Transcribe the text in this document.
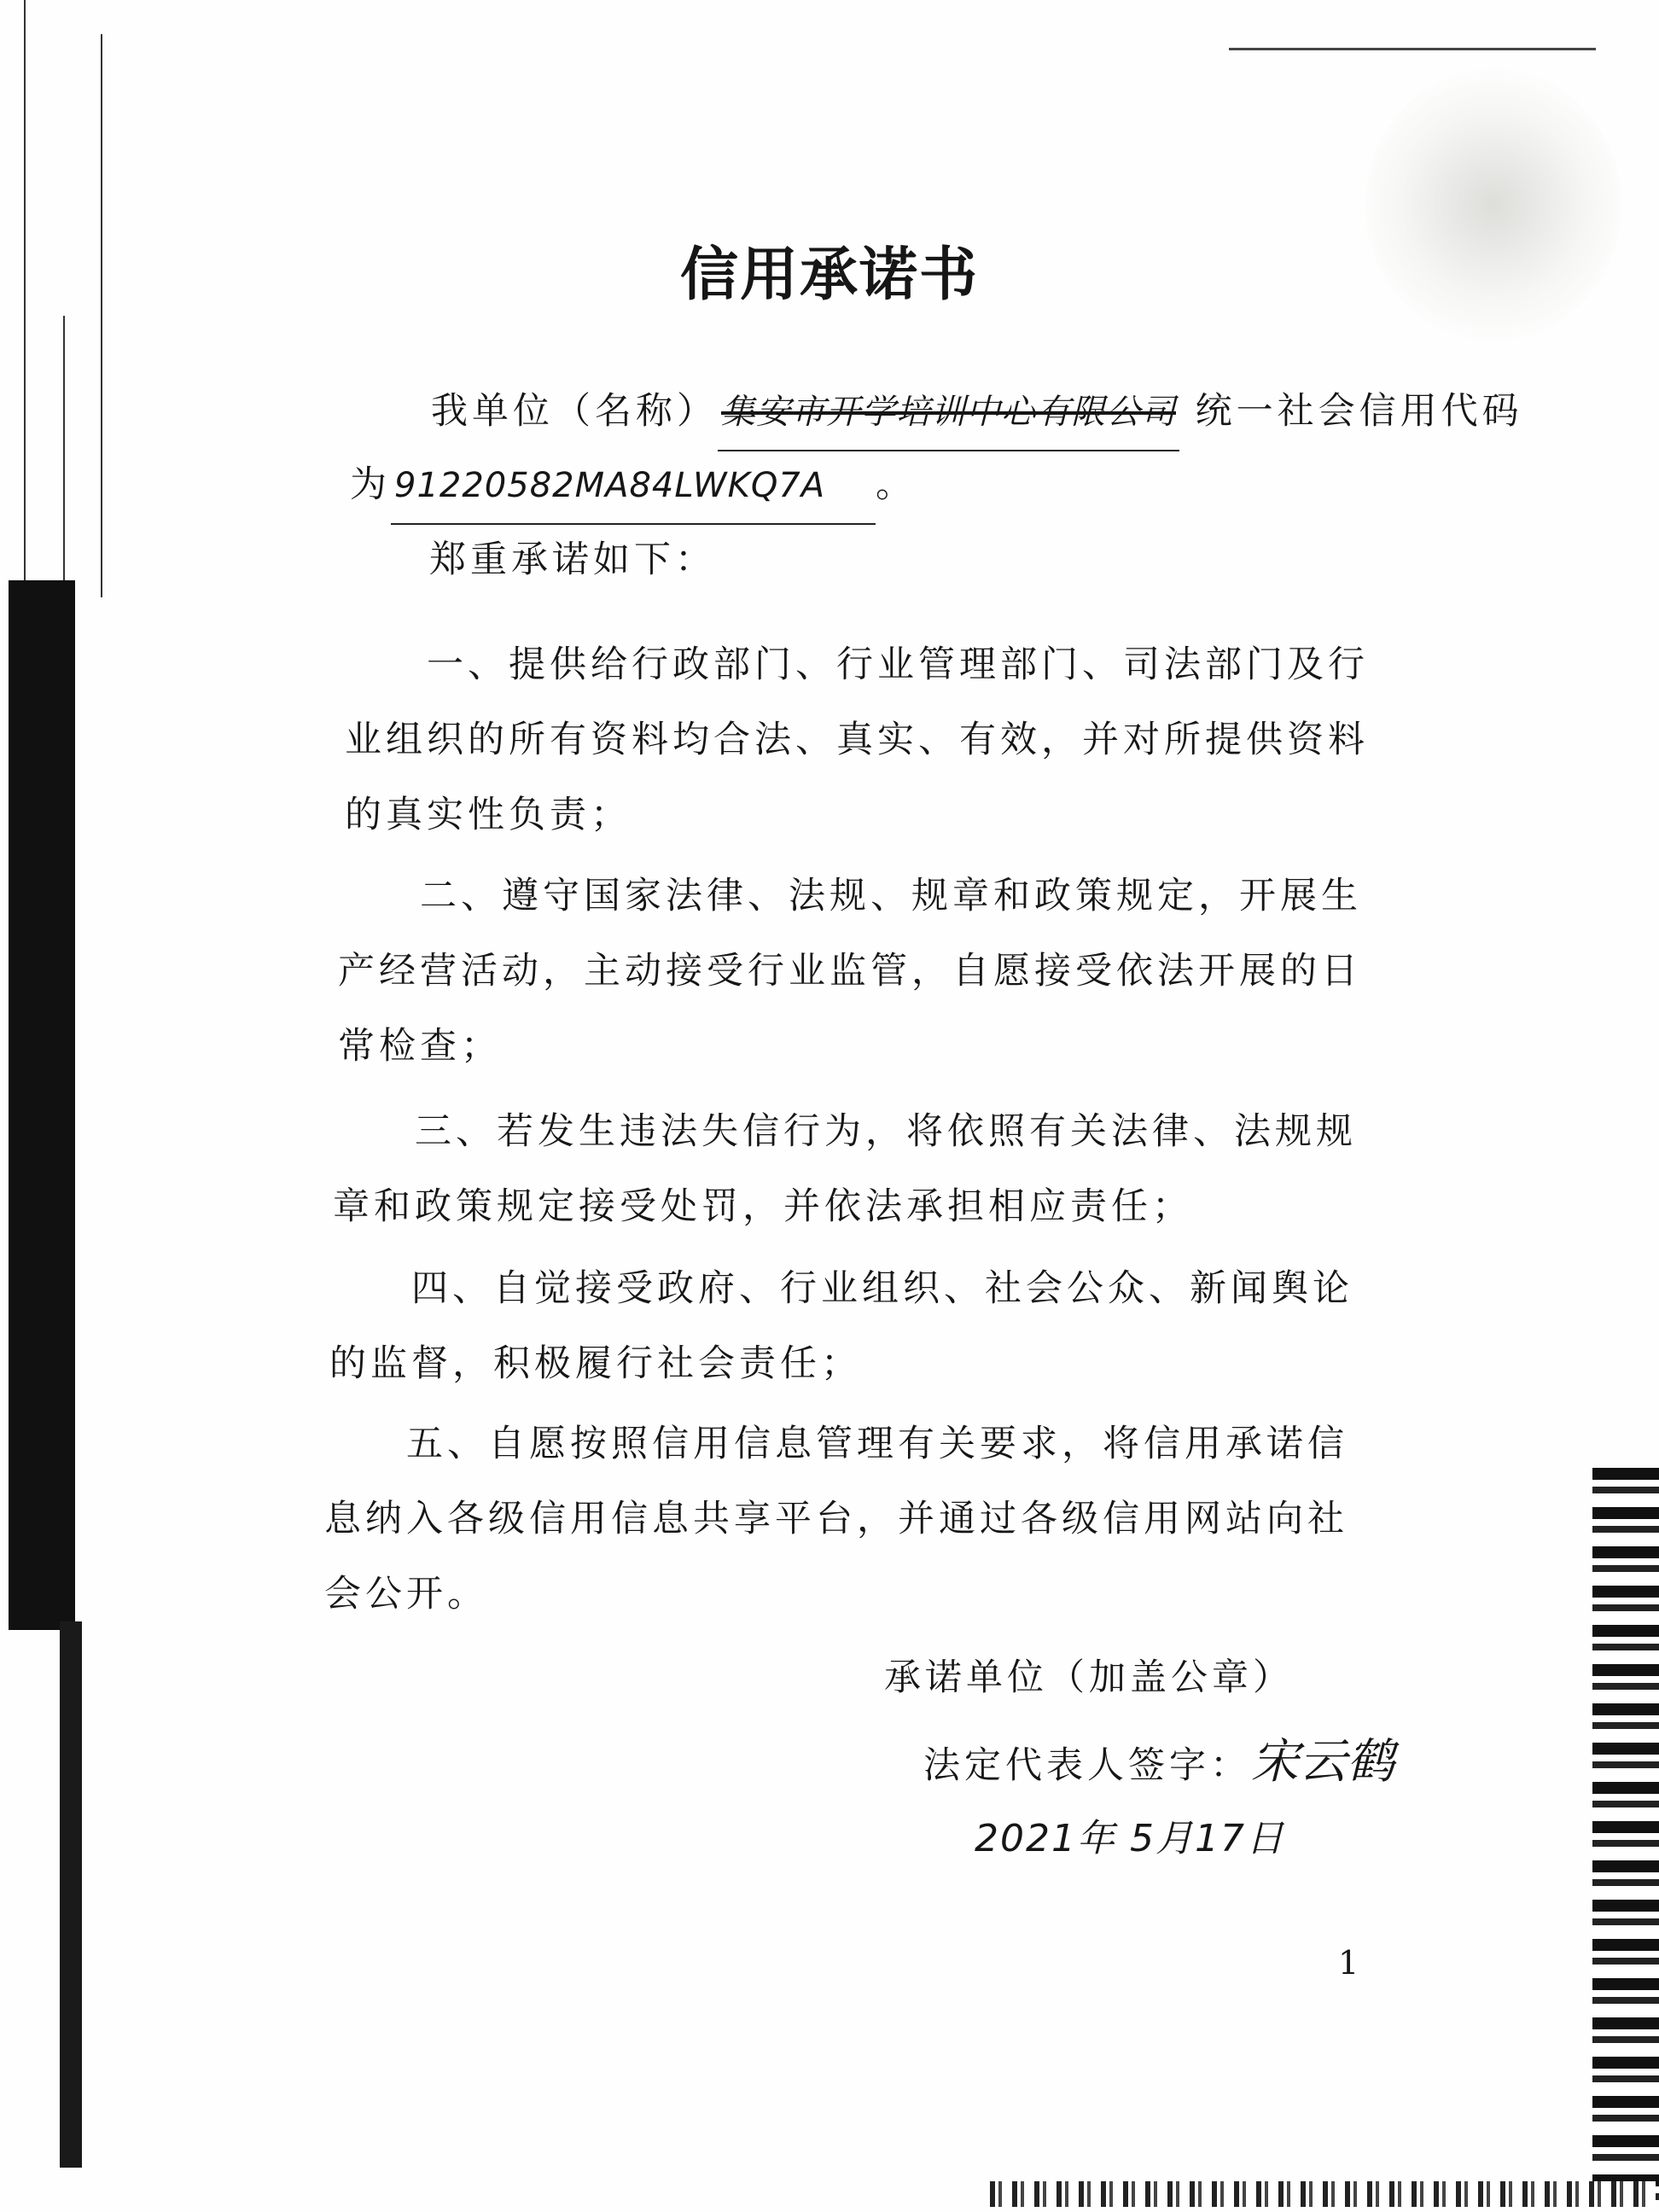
信用承诺书
我单位（名称） 集安市开学培训中心有限公司 统一社会信用代码
为 91220582MA84LWKQ7A 。
郑重承诺如下：
一、提供给行政部门、行业管理部门、司法部门及行业组织的所有资料均合法、真实、有效，并对所提供资料的真实性负责；
二、遵守国家法律、法规、规章和政策规定，开展生产经营活动，主动接受行业监管，自愿接受依法开展的日常检查；
三、若发生违法失信行为，将依照有关法律、法规规章和政策规定接受处罚，并依法承担相应责任；
四、自觉接受政府、行业组织、社会公众、新闻舆论的监督，积极履行社会责任；
五、自愿按照信用信息管理有关要求，将信用承诺信息纳入各级信用信息共享平台，并通过各级信用网站向社会公开。
承诺单位（加盖公章）
法定代表人签字：宋云鹤
2021年 5月17日
1
